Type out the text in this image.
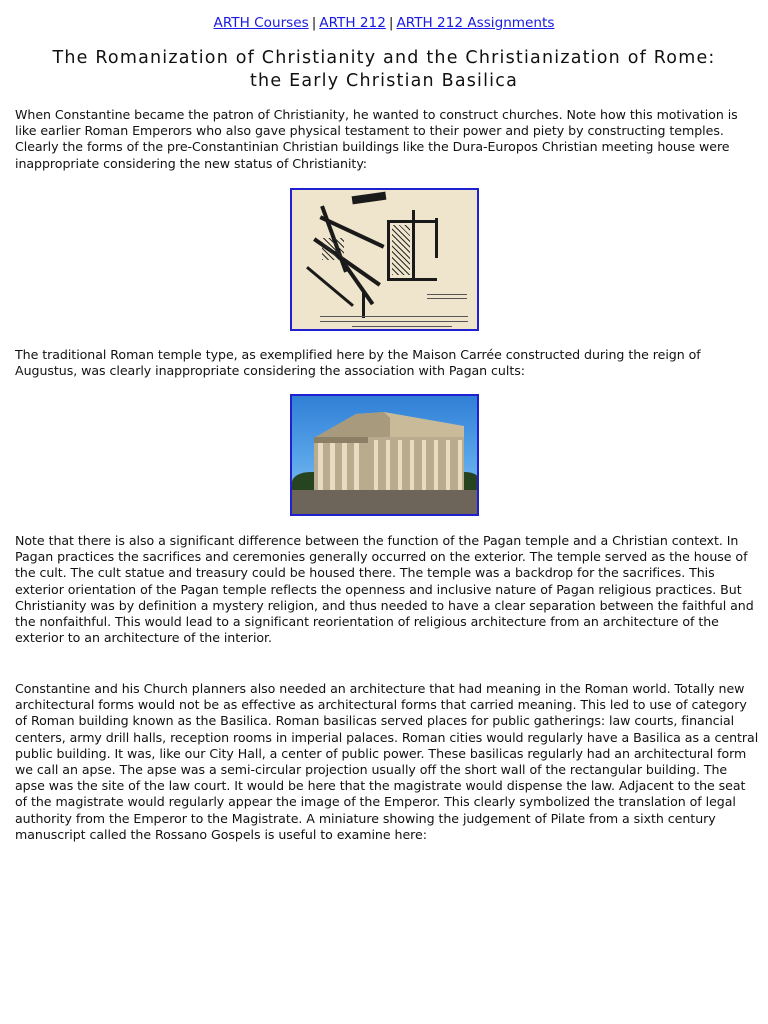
ARTH Courses | ARTH 212 | ARTH 212 Assignments
The Romanization of Christianity and the Christianization of Rome:
the Early Christian Basilica

When Constantine became the patron of Christianity, he wanted to construct churches. Note how this motivation is like earlier Roman Emperors who also gave physical testament to their power and piety by constructing temples. Clearly the forms of the pre-Constantinian Christian buildings like the Dura-Europos Christian meeting house were inappropriate considering the new status of Christianity:

The traditional Roman temple type, as exemplified here by the Maison Carrée constructed during the reign of Augustus, was clearly inappropriate considering the association with Pagan cults:

Note that there is also a significant difference between the function of the Pagan temple and a Christian context. In Pagan practices the sacrifices and ceremonies generally occurred on the exterior. The temple served as the house of the cult. The cult statue and treasury could be housed there. The temple was a backdrop for the sacrifices. This exterior orientation of the Pagan temple reflects the openness and inclusive nature of Pagan religious practices. But Christianity was by definition a mystery religion, and thus needed to have a clear separation between the faithful and the nonfaithful. This would lead to a significant reorientation of religious architecture from an architecture of the exterior to an architecture of the interior.

Constantine and his Church planners also needed an architecture that had meaning in the Roman world. Totally new architectural forms would not be as effective as architectural forms that carried meaning. This led to use of category of Roman building known as the Basilica. Roman basilicas served places for public gatherings: law courts, financial centers, army drill halls, reception rooms in imperial palaces. Roman cities would regularly have a Basilica as a central public building. It was, like our City Hall, a center of public power. These basilicas regularly had an architectural form we call an apse. The apse was a semi-circular projection usually off the short wall of the rectangular building. The apse was the site of the law court. It would be here that the magistrate would dispense the law. Adjacent to the seat of the magistrate would regularly appear the image of the Emperor. This clearly symbolized the translation of legal authority from the Emperor to the Magistrate. A miniature showing the judgement of Pilate from a sixth century manuscript called the Rossano Gospels is useful to examine here:
